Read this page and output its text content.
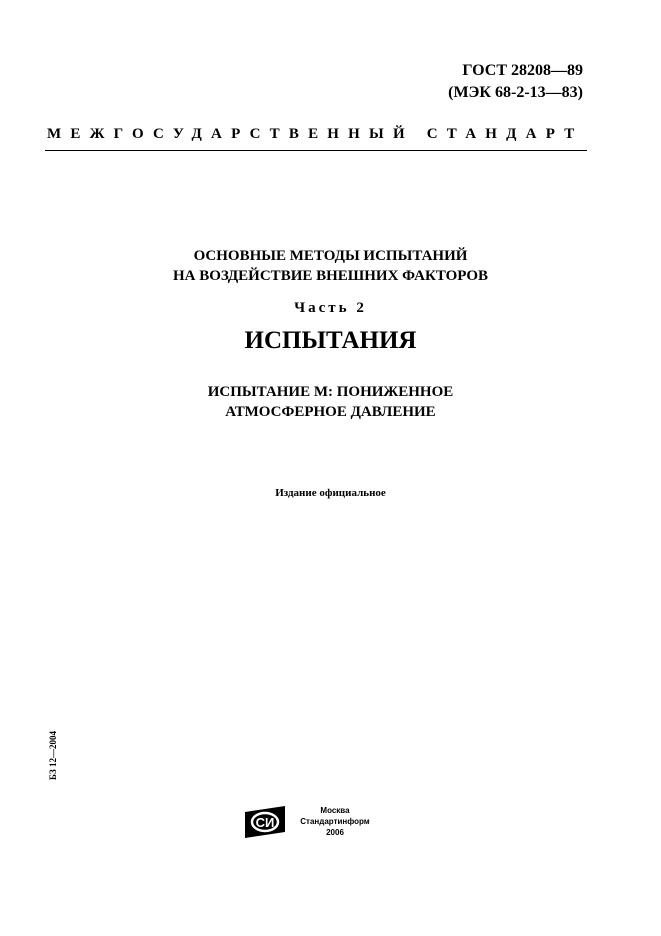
ГОСТ 28208—89
(МЭК 68-2-13—83)
МЕЖГОСУДАРСТВЕННЫЙ СТАНДАРТ
ОСНОВНЫЕ МЕТОДЫ ИСПЫТАНИЙ
НА ВОЗДЕЙСТВИЕ ВНЕШНИХ ФАКТОРОВ
Часть 2
ИСПЫТАНИЯ
ИСПЫТАНИЕ М: ПОНИЖЕННОЕ
АТМОСФЕРНОЕ ДАВЛЕНИЕ
Издание официальное
БЗ 12—2004
СИ
Москва
Стандартинформ
2006
